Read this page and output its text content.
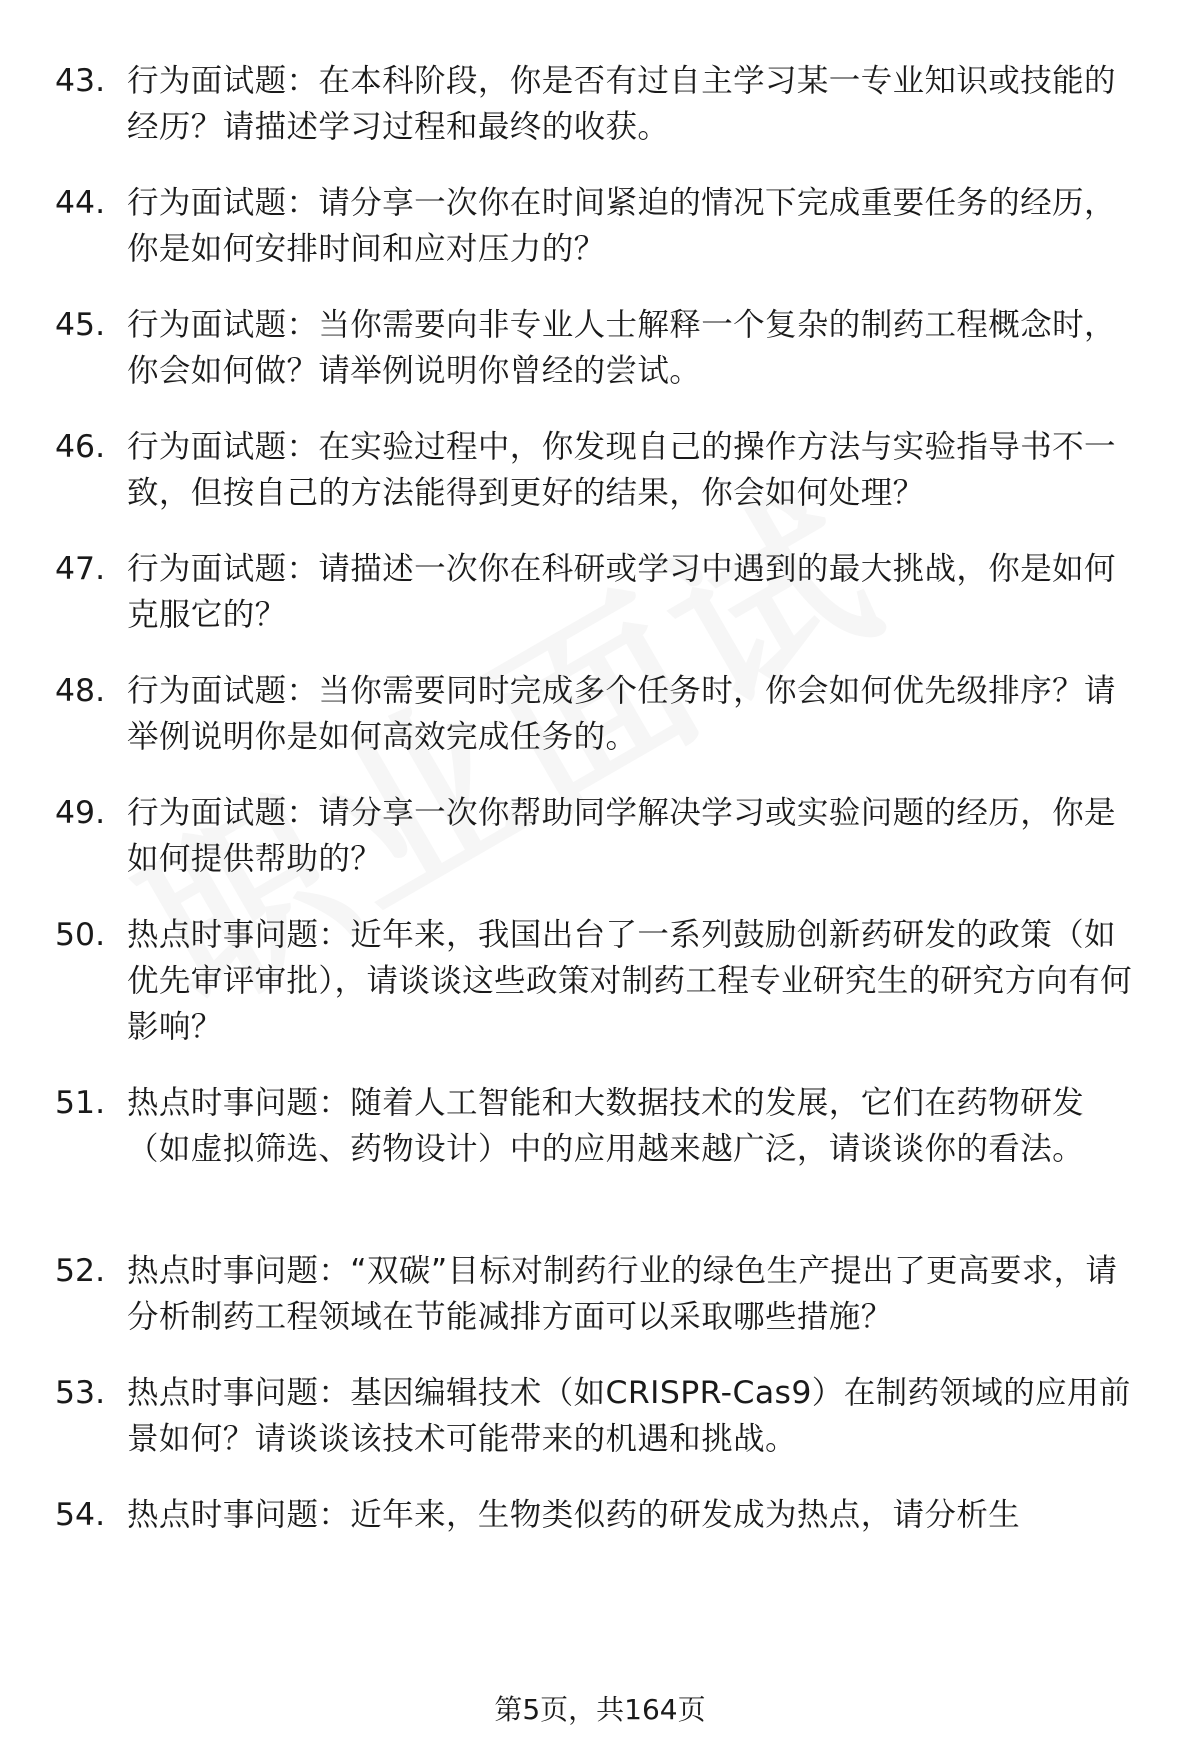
43. 行为面试题：在本科阶段，你是否有过自主学习某一专业知识或技能的经历？请描述学习过程和最终的收获。
44. 行为面试题：请分享一次你在时间紧迫的情况下完成重要任务的经历，你是如何安排时间和应对压力的？
45. 行为面试题：当你需要向非专业人士解释一个复杂的制药工程概念时，你会如何做？请举例说明你曾经的尝试。
46. 行为面试题：在实验过程中，你发现自己的操作方法与实验指导书不一致，但按自己的方法能得到更好的结果，你会如何处理？
47. 行为面试题：请描述一次你在科研或学习中遇到的最大挑战，你是如何克服它的？
48. 行为面试题：当你需要同时完成多个任务时，你会如何优先级排序？请举例说明你是如何高效完成任务的。
49. 行为面试题：请分享一次你帮助同学解决学习或实验问题的经历，你是如何提供帮助的？
50. 热点时事问题：近年来，我国出台了一系列鼓励创新药研发的政策（如优先审评审批），请谈谈这些政策对制药工程专业研究生的研究方向有何影响？
51. 热点时事问题：随着人工智能和大数据技术的发展，它们在药物研发（如虚拟筛选、药物设计）中的应用越来越广泛，请谈谈你的看法。
52. 热点时事问题：“双碳”目标对制药行业的绿色生产提出了更高要求，请分析制药工程领域在节能减排方面可以采取哪些措施？
53. 热点时事问题：基因编辑技术（如CRISPR-Cas9）在制药领域的应用前景如何？请谈谈该技术可能带来的机遇和挑战。
54. 热点时事问题：近年来，生物类似药的研发成为热点，请分析生
第5页，共164页
